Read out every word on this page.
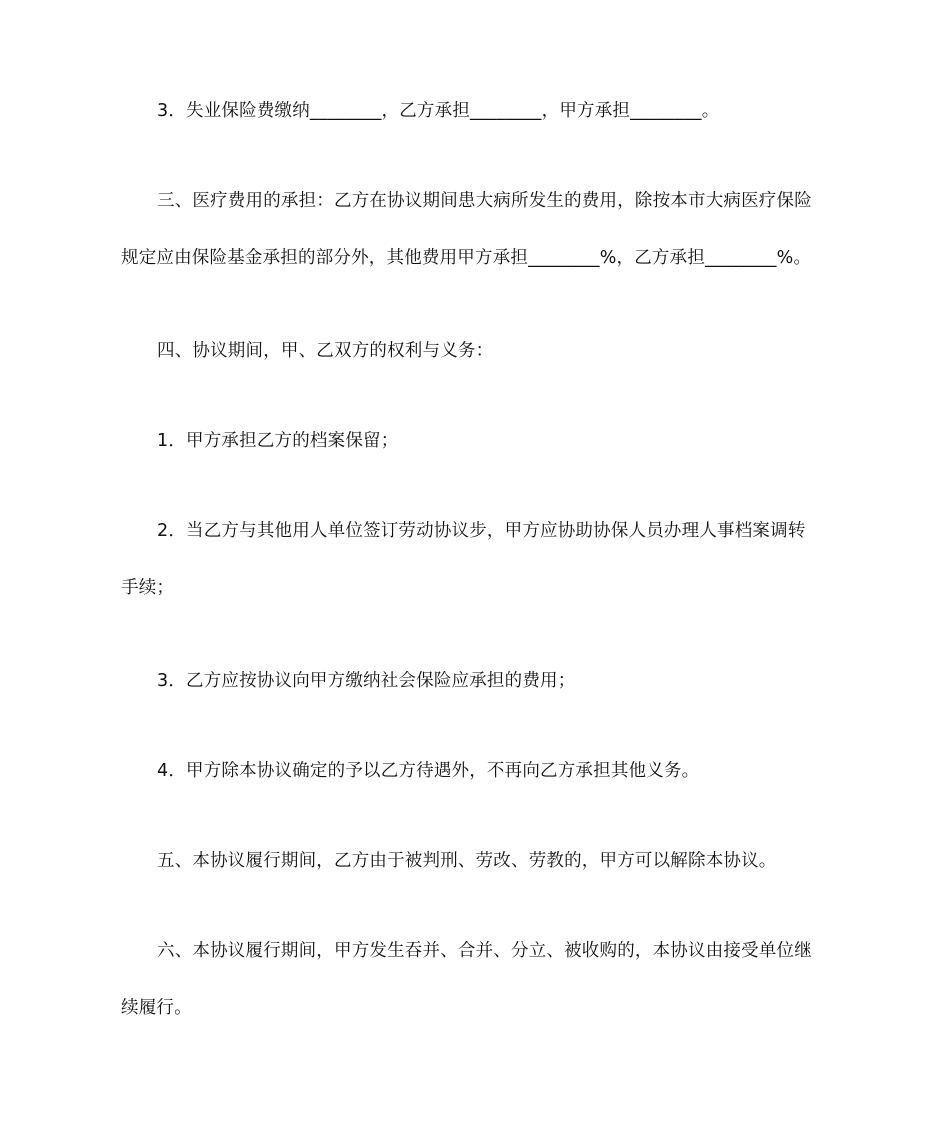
3．失业保险费缴纳________，乙方承担________，甲方承担________。
三、医疗费用的承担：乙方在协议期间患大病所发生的费用，除按本市大病医疗保险
规定应由保险基金承担的部分外，其他费用甲方承担________%，乙方承担________%。
四、协议期间，甲、乙双方的权利与义务：
1．甲方承担乙方的档案保留；
2．当乙方与其他用人单位签订劳动协议步，甲方应协助协保人员办理人事档案调转
手续；
3．乙方应按协议向甲方缴纳社会保险应承担的费用；
4．甲方除本协议确定的予以乙方待遇外，不再向乙方承担其他义务。
五、本协议履行期间，乙方由于被判刑、劳改、劳教的，甲方可以解除本协议。
六、本协议履行期间，甲方发生吞并、合并、分立、被收购的，本协议由接受单位继
续履行。
